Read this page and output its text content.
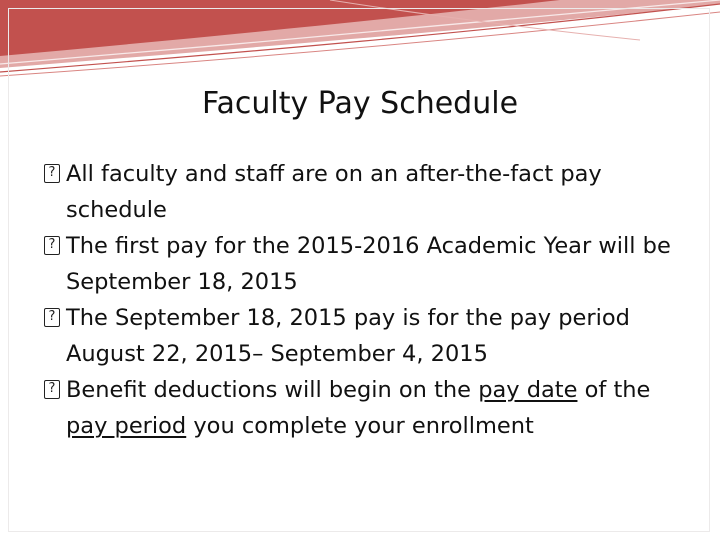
Faculty Pay Schedule
?
All faculty and staff are on an after-the-fact pay schedule
?
The first pay for the 2015-2016 Academic Year will be September 18, 2015
?
The September 18, 2015 pay is for the pay period August 22, 2015– September 4, 2015
?
Benefit deductions will begin on the pay date of the pay period you complete your enrollment
